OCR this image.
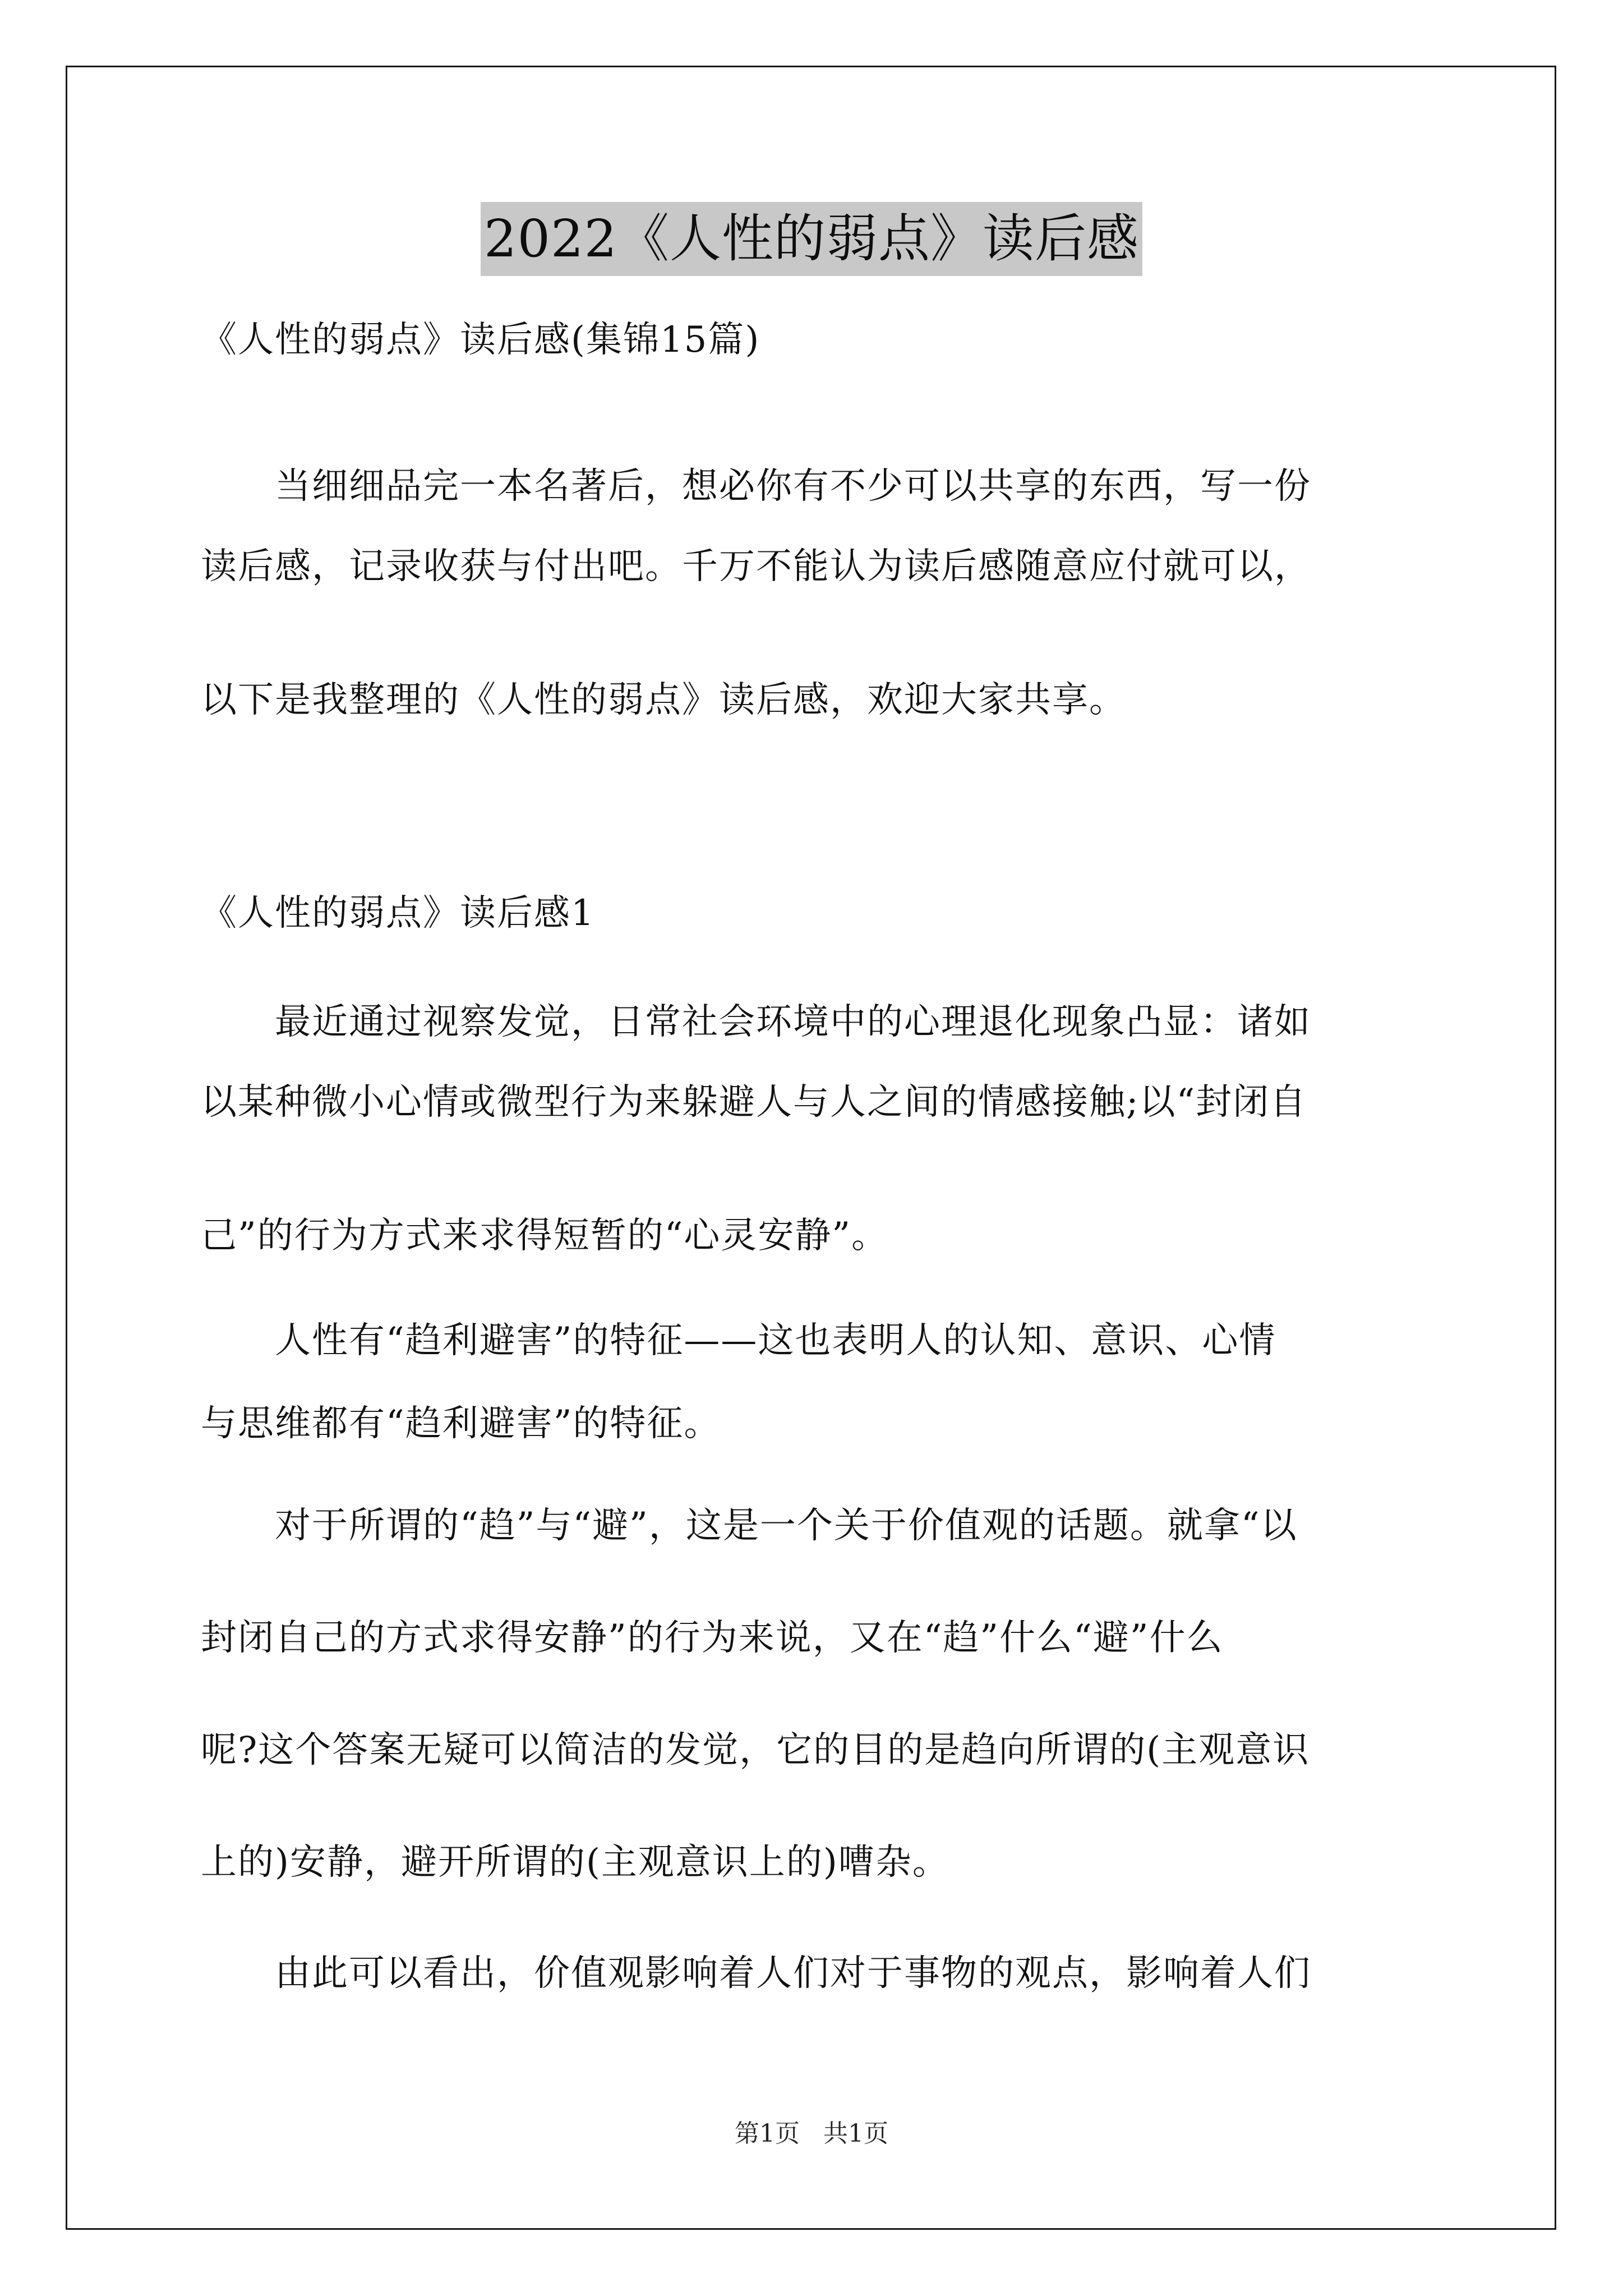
2022《人性的弱点》读后感
《人性的弱点》读后感(集锦15篇)
　　当细细品完一本名著后，想必你有不少可以共享的东西，写一份
读后感，记录收获与付出吧。千万不能认为读后感随意应付就可以，
以下是我整理的《人性的弱点》读后感，欢迎大家共享。
《人性的弱点》读后感1
　　最近通过视察发觉，日常社会环境中的心理退化现象凸显：诸如
以某种微小心情或微型行为来躲避人与人之间的情感接触;以“封闭自
己”的行为方式来求得短暂的“心灵安静”。
　　人性有“趋利避害”的特征——这也表明人的认知、意识、心情
与思维都有“趋利避害”的特征。
　　对于所谓的“趋”与“避”，这是一个关于价值观的话题。就拿“以
封闭自己的方式求得安静”的行为来说，又在“趋”什么“避”什么
呢?这个答案无疑可以简洁的发觉，它的目的是趋向所谓的(主观意识
上的)安静，避开所谓的(主观意识上的)嘈杂。
　　由此可以看出，价值观影响着人们对于事物的观点，影响着人们
第1页 共1页
